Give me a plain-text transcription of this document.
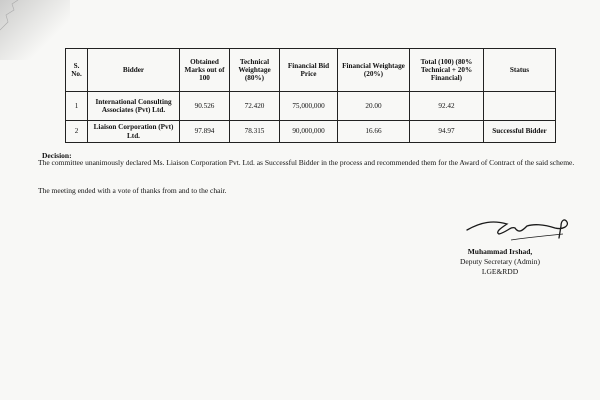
S. No.	Bidder	Obtained Marks out of 100	Technical Weightage (80%)	Financial Bid Price	Financial Weightage (20%)	Total (100) (80% Technical + 20% Financial)	Status
1	International Consulting Associates (Pvt) Ltd.	90.526	72.420	75,000,000	20.00	92.42	
2	Liaison Corporation (Pvt) Ltd.	97.894	78.315	90,000,000	16.66	94.97	Successful Bidder
Decision:
The committee unanimously declared Ms. Liaison Corporation Pvt. Ltd. as Successful Bidder in the process and recommended them for the Award of Contract of the said scheme.
The meeting ended with a vote of thanks from and to the chair.
Muhammad Irshad,
Deputy Secretary (Admin)
LGE&RDD
